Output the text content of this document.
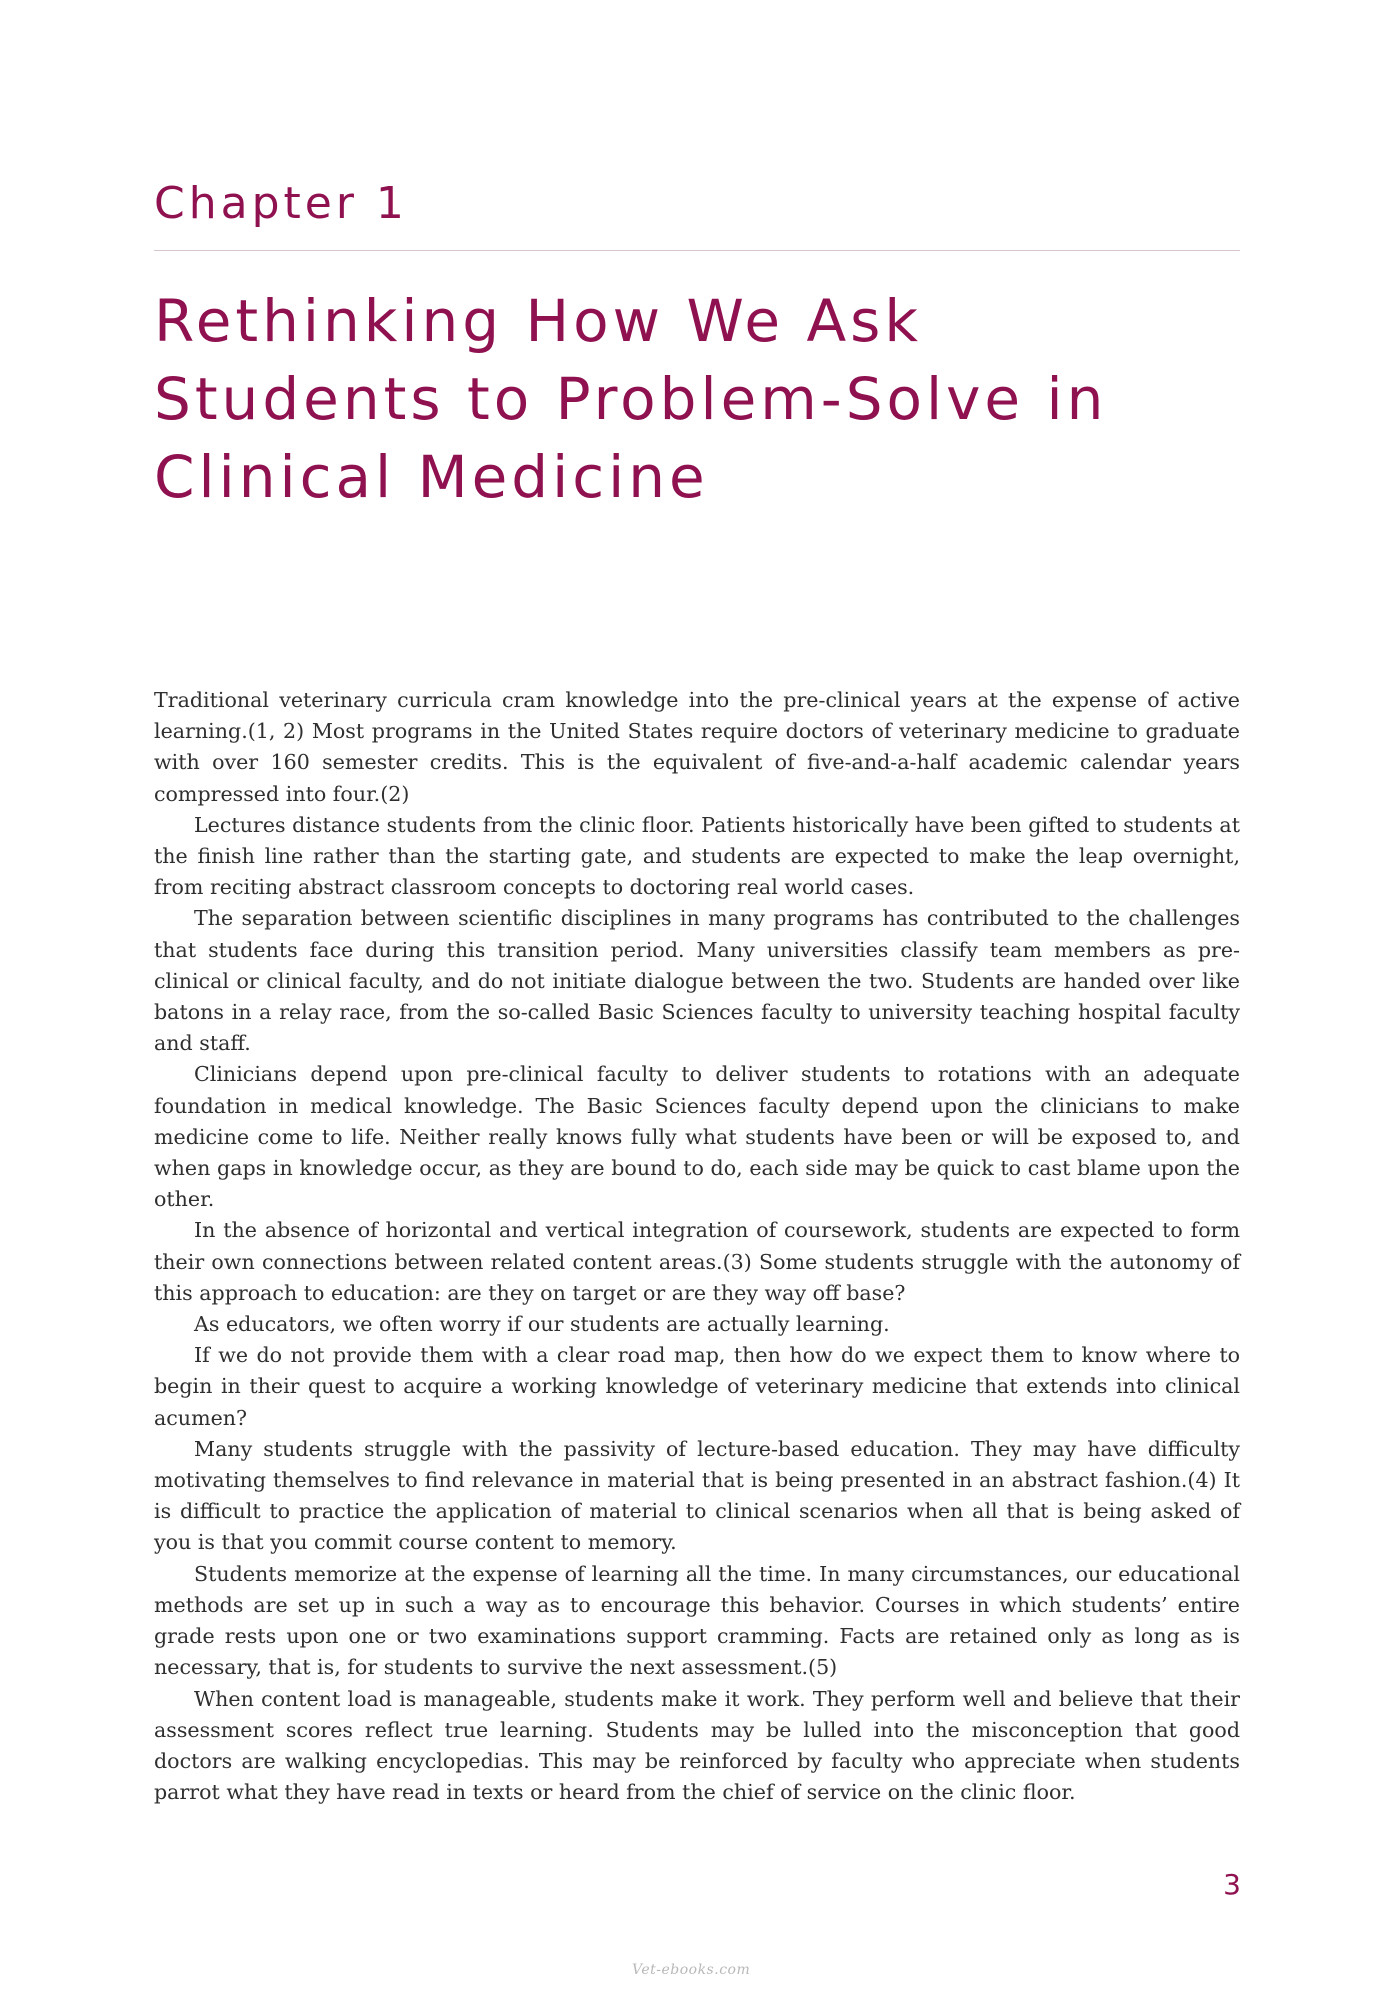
Chapter 1
Rethinking How We Ask
Students to Problem-Solve in
Clinical Medicine

Traditional veterinary curricula cram knowledge into the pre-clinical years at the expense of active learning.(1, 2) Most programs in the United States require doctors of veterinary medicine to graduate with over 160 semester credits. This is the equivalent of five-and-a-half academic calendar years compressed into four.(2)

Lectures distance students from the clinic floor. Patients historically have been gifted to students at the finish line rather than the starting gate, and students are expected to make the leap overnight, from reciting abstract classroom concepts to doctoring real world cases.

The separation between scientific disciplines in many programs has contributed to the challenges that students face during this transition period. Many universities classify team members as pre-clinical or clinical faculty, and do not initiate dialogue between the two. Students are handed over like batons in a relay race, from the so-called Basic Sciences faculty to university teaching hospital faculty and staff.

Clinicians depend upon pre-clinical faculty to deliver students to rotations with an adequate foundation in medical knowledge. The Basic Sciences faculty depend upon the clinicians to make medicine come to life. Neither really knows fully what students have been or will be exposed to, and when gaps in knowledge occur, as they are bound to do, each side may be quick to cast blame upon the other.

In the absence of horizontal and vertical integration of coursework, students are expected to form their own connections between related content areas.(3) Some students struggle with the autonomy of this approach to education: are they on target or are they way off base?

As educators, we often worry if our students are actually learning.

If we do not provide them with a clear road map, then how do we expect them to know where to begin in their quest to acquire a working knowledge of veterinary medicine that extends into clinical acumen?

Many students struggle with the passivity of lecture-based education. They may have difficulty motivating themselves to find relevance in material that is being presented in an abstract fashion.(4) It is difficult to practice the application of material to clinical scenarios when all that is being asked of you is that you commit course content to memory.

Students memorize at the expense of learning all the time. In many circumstances, our educational methods are set up in such a way as to encourage this behavior. Courses in which students’ entire grade rests upon one or two examinations support cramming. Facts are retained only as long as is necessary, that is, for students to survive the next assessment.(5)

When content load is manageable, students make it work. They perform well and believe that their assessment scores reflect true learning. Students may be lulled into the misconception that good doctors are walking encyclopedias. This may be reinforced by faculty who appreciate when students parrot what they have read in texts or heard from the chief of service on the clinic floor.

3
Vet-ebooks.com
